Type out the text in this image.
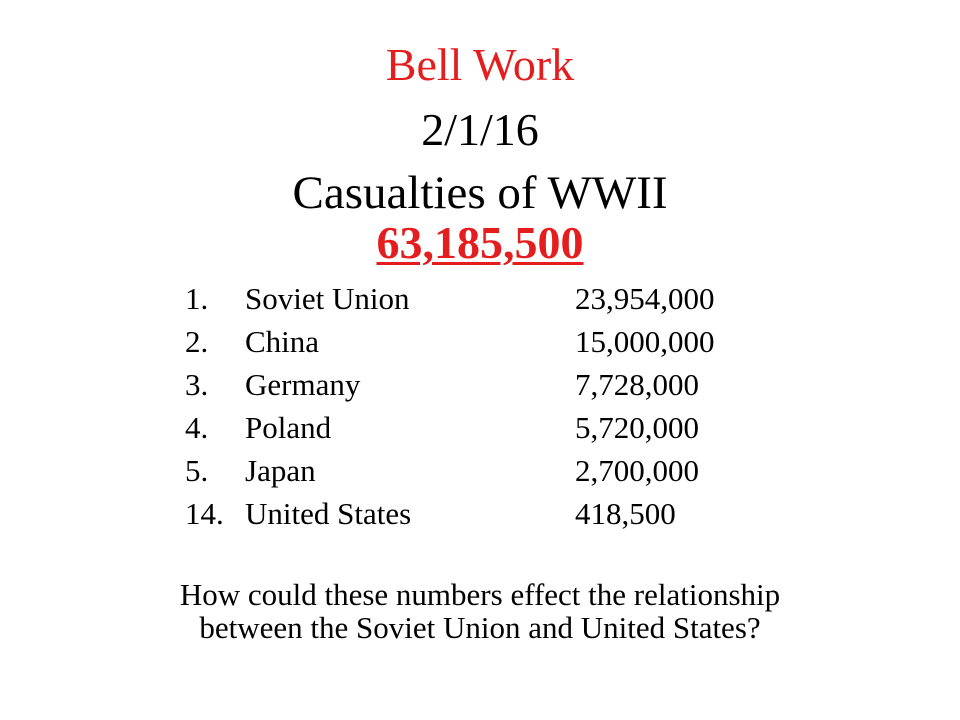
Bell Work
2/1/16
Casualties of WWII
63,185,500
1.	Soviet Union	23,954,000
2.	China	15,000,000
3.	Germany	7,728,000
4.	Poland	5,720,000
5.	Japan	2,700,000
14. United States	418,500
How could these numbers effect the relationship between the Soviet Union and United States?
